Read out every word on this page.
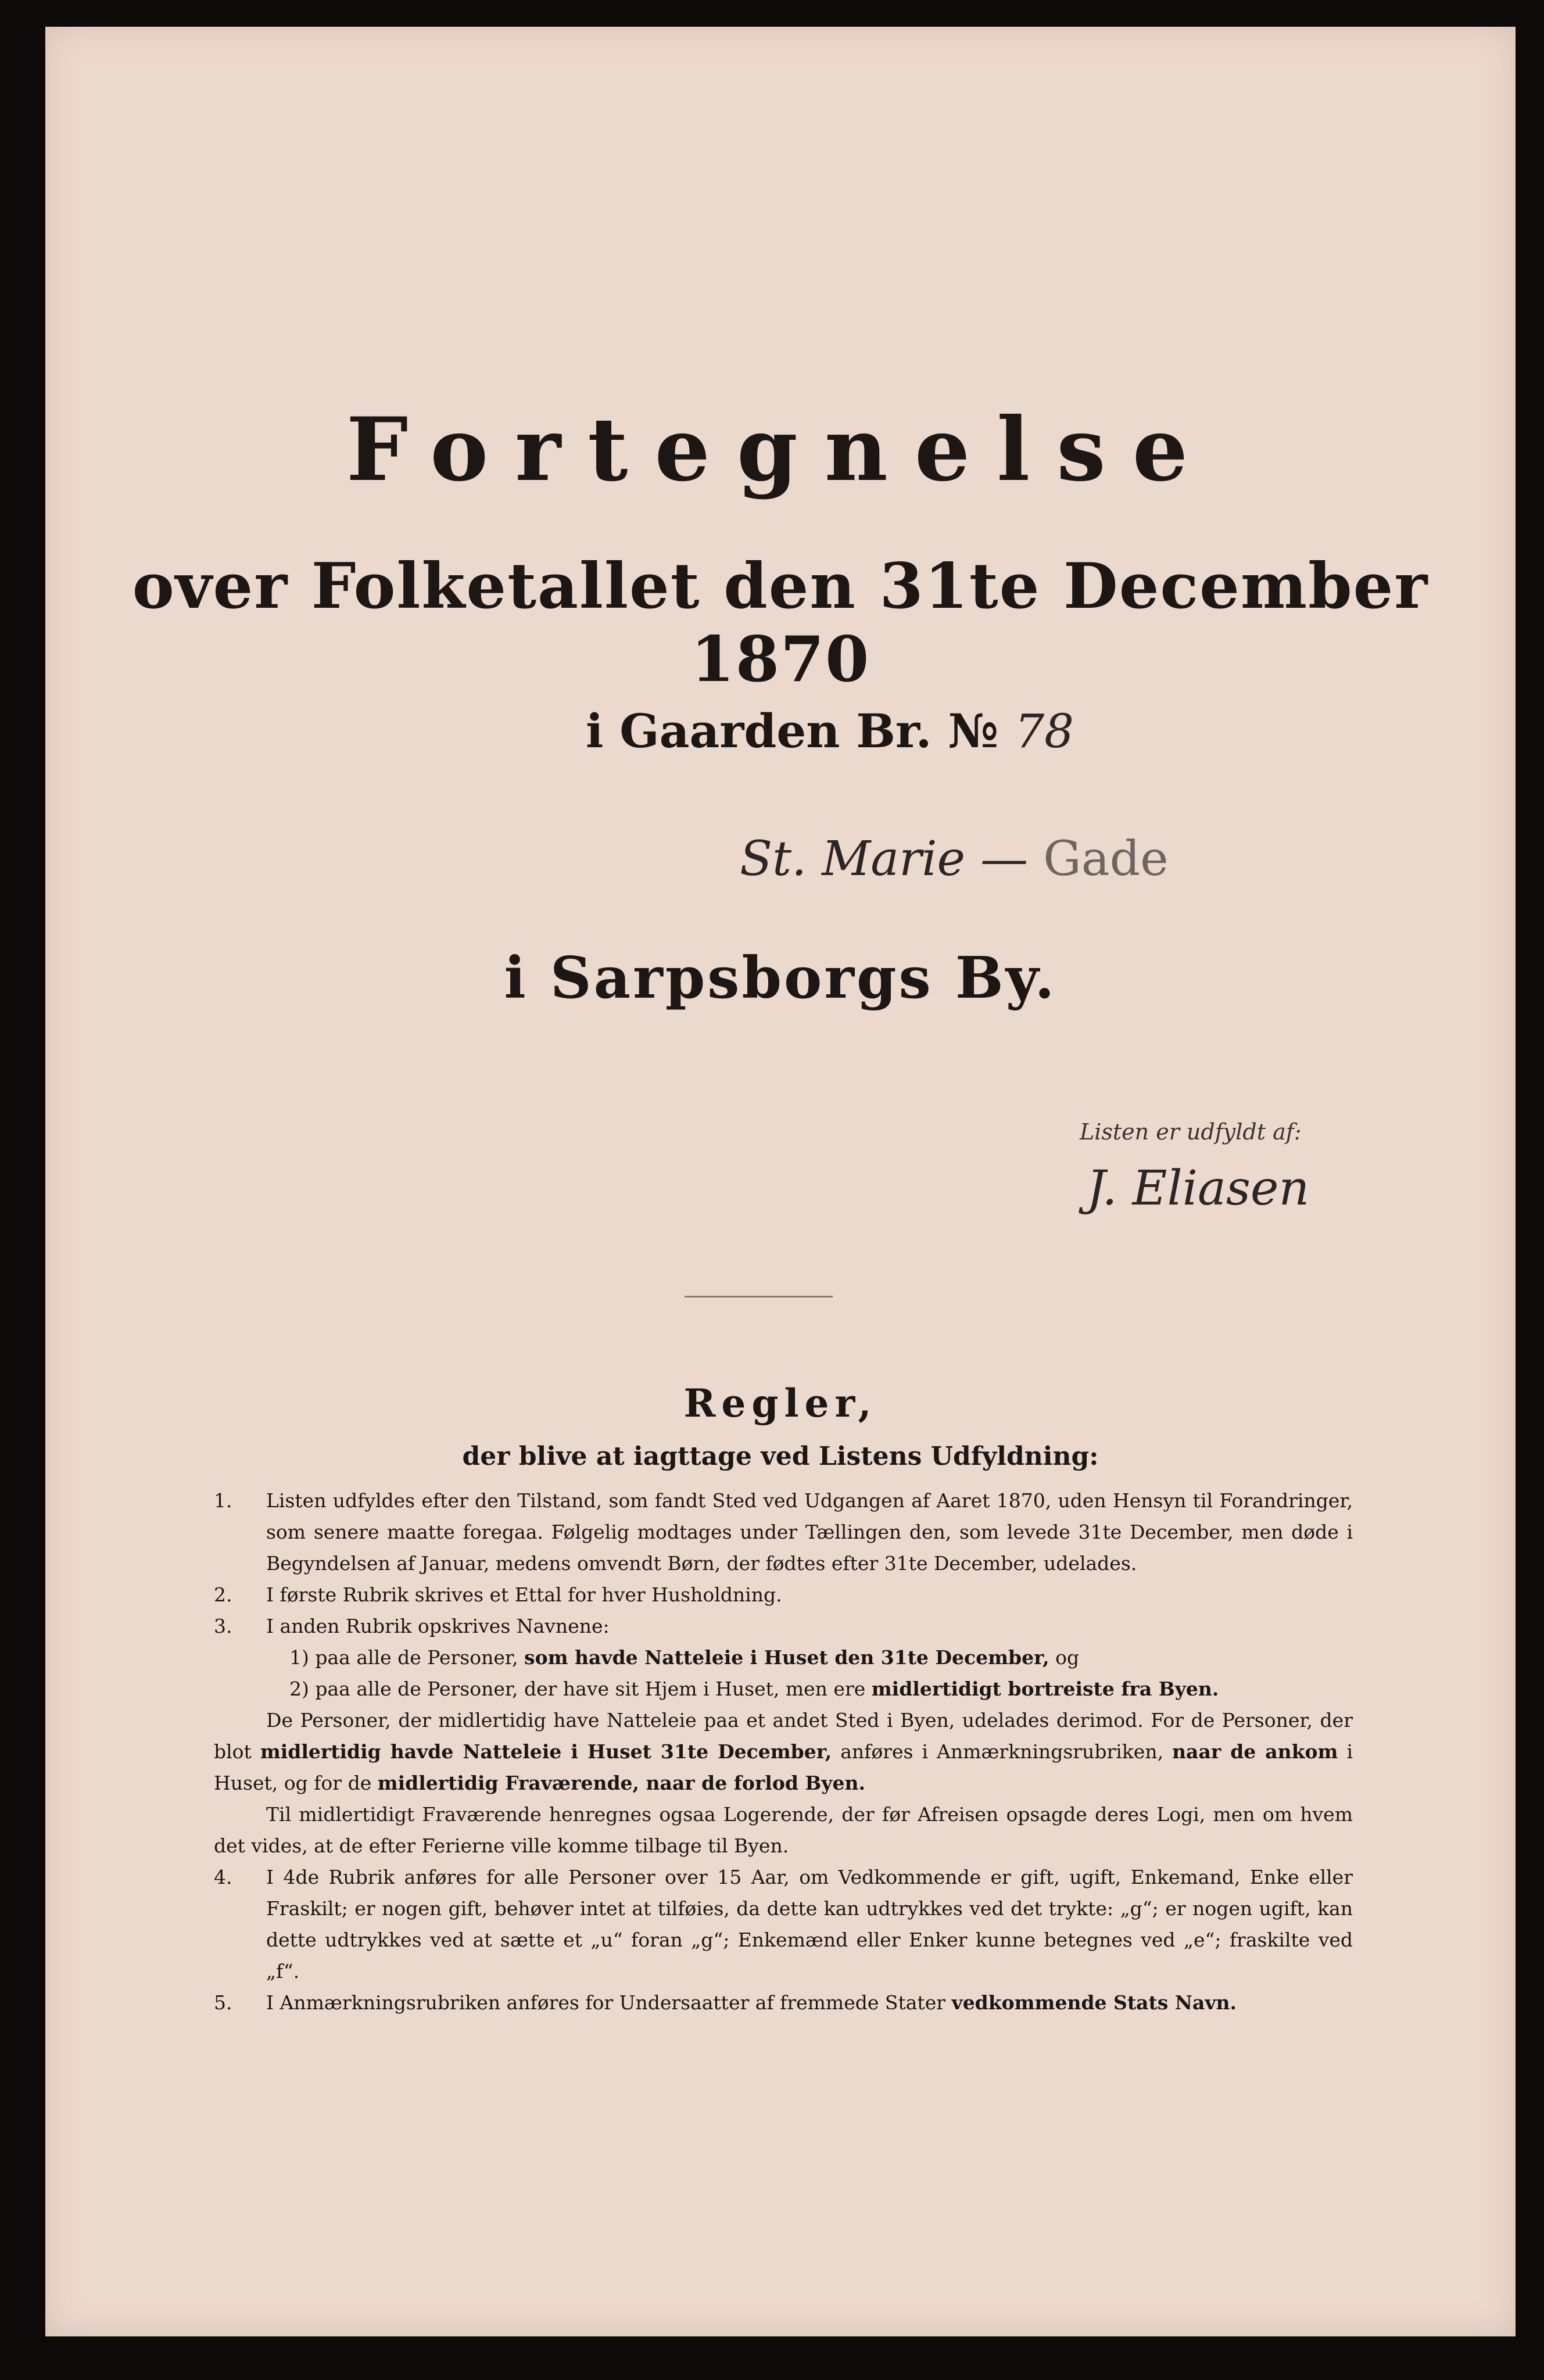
Fortegnelse
over Folketallet den 31te December 1870
i Gaarden Br. № 78
St. Marie — Gade
i Sarpsborgs By.
Listen er udfyldt af:
J. Eliasen
Regler,
der blive at iagttage ved Listens Udfyldning:
1.	Listen udfyldes efter den Tilstand, som fandt Sted ved Udgangen af Aaret 1870, uden Hensyn til Forandringer, som senere maatte foregaa. Følgelig modtages under Tællingen den, som levede 31te December, men døde i Begyndelsen af Januar, medens omvendt Børn, der fødtes efter 31te December, udelades.
2.	I første Rubrik skrives et Ettal for hver Husholdning.
3.	I anden Rubrik opskrives Navnene:
1) paa alle de Personer, som havde Natteleie i Huset den 31te December, og
2) paa alle de Personer, der have sit Hjem i Huset, men ere midlertidigt bortreiste fra Byen.
De Personer, der midlertidig have Natteleie paa et andet Sted i Byen, udelades derimod. For de Personer, der blot midlertidig havde Natteleie i Huset 31te December, anføres i Anmærkningsrubriken, naar de ankom i Huset, og for de midlertidig Fraværende, naar de forlod Byen.
Til midlertidigt Fraværende henregnes ogsaa Logerende, der før Afreisen opsagde deres Logi, men om hvem det vides, at de efter Ferierne ville komme tilbage til Byen.
4.	I 4de Rubrik anføres for alle Personer over 15 Aar, om Vedkommende er gift, ugift, Enkemand, Enke eller Fraskilt; er nogen gift, behøver intet at tilføies, da dette kan udtrykkes ved det trykte: „g“; er nogen ugift, kan dette udtrykkes ved at sætte et „u“ foran „g“; Enkemænd eller Enker kunne betegnes ved „e“; fraskilte ved „f“.
5.	I Anmærkningsrubriken anføres for Undersaatter af fremmede Stater vedkommende Stats Navn.
